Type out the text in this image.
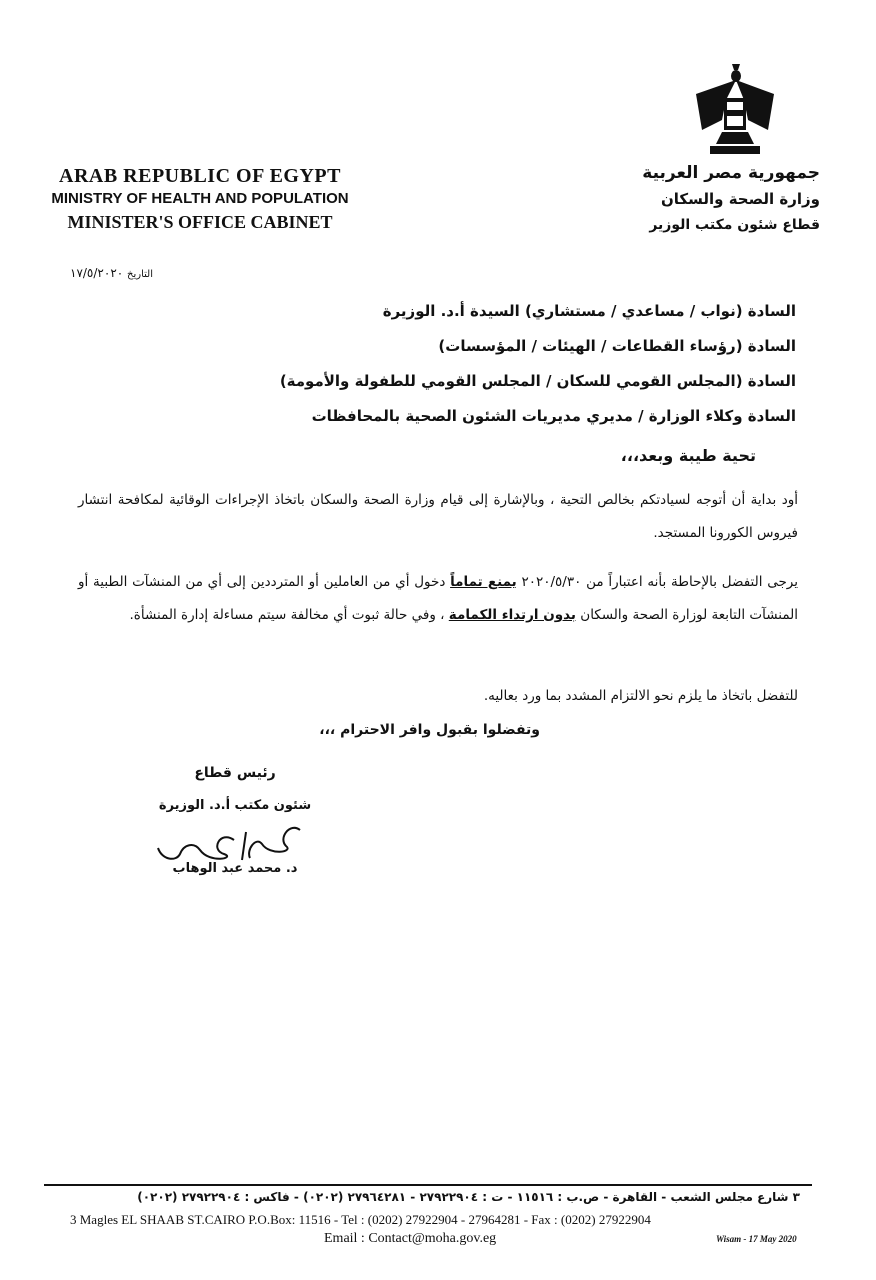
ARAB REPUBLIC OF EGYPT
MINISTRY OF HEALTH AND POPULATION
MINISTER'S OFFICE CABINET
جمهورية مصر العربية
وزارة الصحة والسكان
قطاع شئون مكتب الوزير
التاريخ ١٧/٥/٢٠٢٠
السادة (نواب / مساعدي / مستشاري) السيدة أ.د. الوزيرة
السادة (رؤساء القطاعات / الهيئات / المؤسسات)
السادة (المجلس القومي للسكان / المجلس القومي للطفولة والأمومة)
السادة وكلاء الوزارة / مديري مديريات الشئون الصحية بالمحافظات
تحية طيبة وبعد،،،
أود بداية أن أتوجه لسيادتكم بخالص التحية ، وبالإشارة إلى قيام وزارة الصحة والسكان باتخاذ الإجراءات الوقائية لمكافحة انتشار فيروس الكورونا المستجد.
يرجى التفضل بالإحاطة بأنه اعتباراً من ٢٠٢٠/٥/٣٠ يمنع تماماً دخول أي من العاملين أو المترددين إلى أي من المنشآت الطبية أو المنشآت التابعة لوزارة الصحة والسكان بدون ارتداء الكمامة ، وفي حالة ثبوت أي مخالفة سيتم مساءلة إدارة المنشأة.
للتفضل باتخاذ ما يلزم نحو الالتزام المشدد بما ورد بعاليه.
وتفضلوا بقبول وافر الاحترام ،،،
رئيس قطاع
شئون مكتب أ.د. الوزيرة
د. محمد عبد الوهاب
٣ شارع مجلس الشعب - القاهرة - ص.ب : ١١٥١٦ - ت : ٢٧٩٢٢٩٠٤ - ٢٧٩٦٤٢٨١ (٠٢٠٢) - فاكس : ٢٧٩٢٢٩٠٤ (٠٢٠٢)
3 Magles EL SHAAB ST.CAIRO P.O.Box: 11516 - Tel : (0202) 27922904 - 27964281 - Fax : (0202) 27922904
Email : Contact@moha.gov.eg	Wisam - 17 May 2020
